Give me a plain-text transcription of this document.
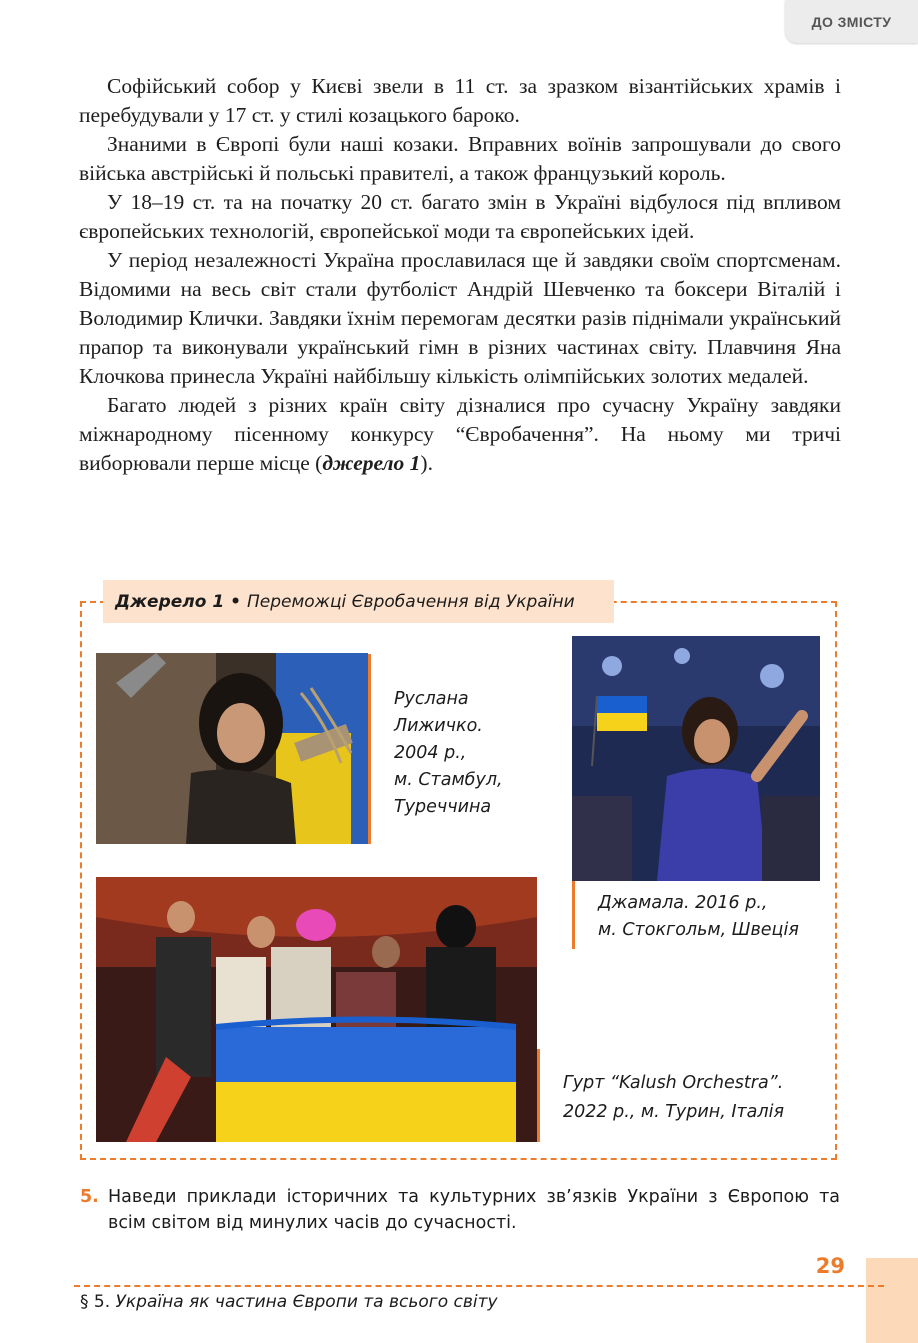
ДО ЗМІСТУ

Софійський собор у Києві звели в 11 ст. за зразком візантійських храмів і перебудували у 17 ст. у стилі козацького бароко.

Знаними в Європі були наші козаки. Вправних воїнів запрошували до свого війська австрійські й польські правителі, а також французький король.

У 18–19 ст. та на початку 20 ст. багато змін в Україні відбулося під впливом європейських технологій, європейської моди та європейських ідей.

У період незалежності Україна прославилася ще й завдяки своїм спортсменам. Відомими на весь світ стали футболіст Андрій Шевченко та боксери Віталій і Володимир Клички. Завдяки їхнім перемогам десятки разів піднімали український прапор та виконували український гімн в різних частинах світу. Плавчиня Яна Клочкова принесла Україні найбільшу кількість олімпійських золотих медалей.

Багато людей з різних країн світу дізналися про сучасну Україну завдяки міжнародному пісенному конкурсу “Євробачення”. На ньому ми тричі виборювали перше місце (джерело 1).

Джерело 1 • Переможці Євробачення від України
Руслана
Лижичко.
2004 р.,
м. Стамбул,
Туреччина
Джамала. 2016 р.,
м. Стокгольм, Швеція
Гурт “Kalush Orchestra”.
2022 р., м. Турин, Італія
5. Наведи приклади історичних та культурних зв’язків України з Європою та всім світом від минулих часів до сучасності.
29
§ 5. Україна як частина Європи та всього світу
